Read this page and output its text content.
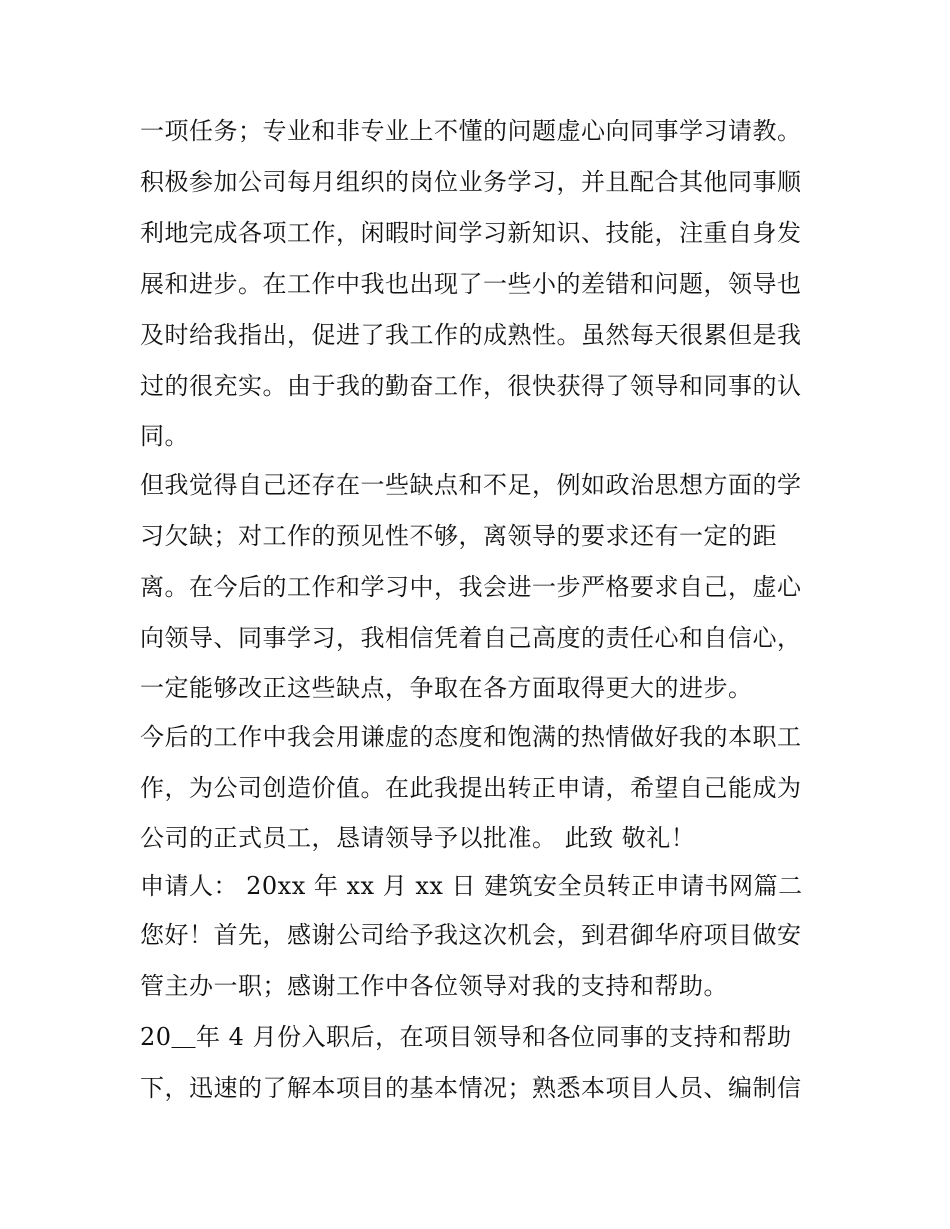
一项任务；专业和非专业上不懂的问题虚心向同事学习请教。

积极参加公司每月组织的岗位业务学习，并且配合其他同事顺

利地完成各项工作，闲暇时间学习新知识、技能，注重自身发

展和进步。在工作中我也出现了一些小的差错和问题，领导也

及时给我指出，促进了我工作的成熟性。虽然每天很累但是我

过的很充实。由于我的勤奋工作，很快获得了领导和同事的认

同。

但我觉得自己还存在一些缺点和不足，例如政治思想方面的学

习欠缺；对工作的预见性不够，离领导的要求还有一定的距

离。在今后的工作和学习中，我会进一步严格要求自己，虚心

向领导、同事学习，我相信凭着自己高度的责任心和自信心，

一定能够改正这些缺点，争取在各方面取得更大的进步。

今后的工作中我会用谦虚的态度和饱满的热情做好我的本职工

作，为公司创造价值。在此我提出转正申请，希望自己能成为

公司的正式员工，恳请领导予以批准。 此致 敬礼！

申请人： 20xx 年 xx 月 xx 日 建筑安全员转正申请书网篇二

您好！首先，感谢公司给予我这次机会，到君御华府项目做安

管主办一职；感谢工作中各位领导对我的支持和帮助。

20＿年 4 月份入职后，在项目领导和各位同事的支持和帮助

下，迅速的了解本项目的基本情况；熟悉本项目人员、编制信
